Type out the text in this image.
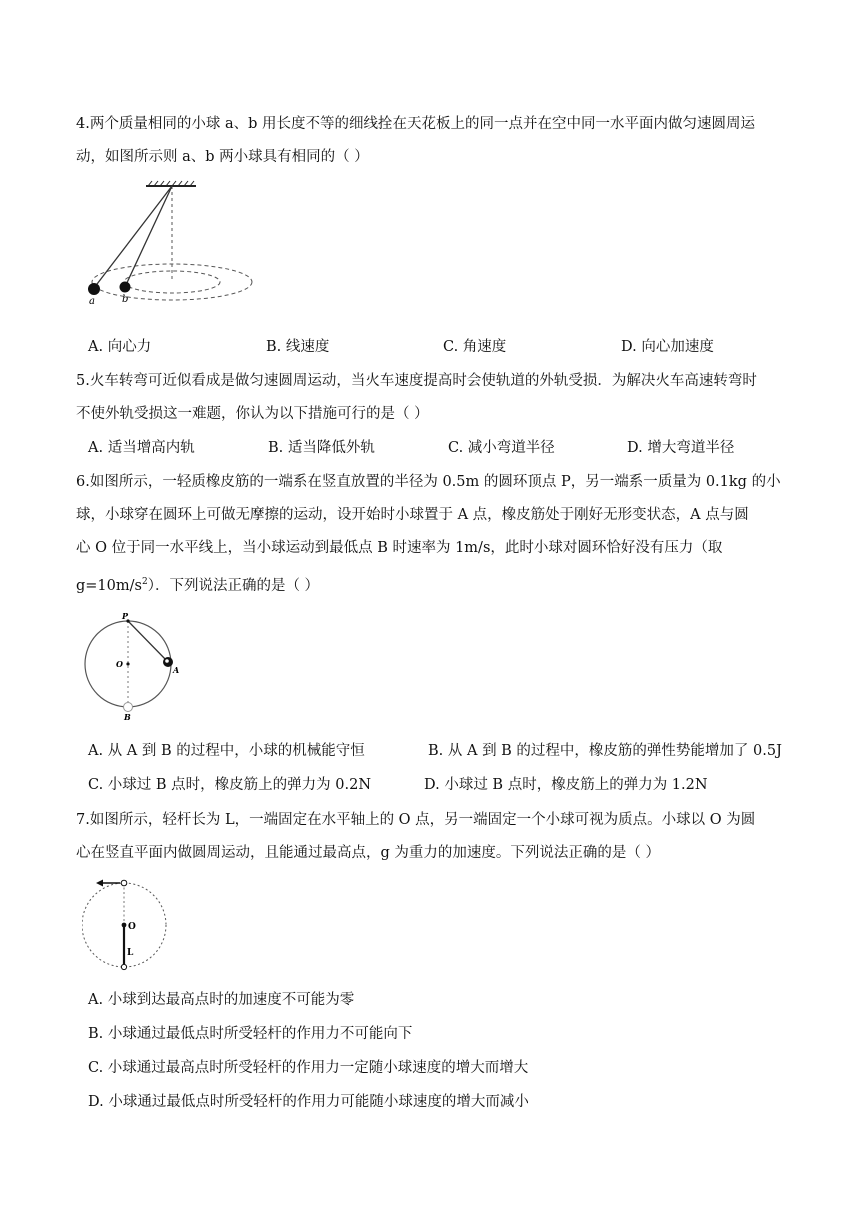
4.两个质量相同的小球 a、b 用长度不等的细线拴在天花板上的同一点并在空中同一水平面内做匀速圆周运
动，如图所示则 a、b 两小球具有相同的（ ）
a	b
A. 向心力	B. 线速度	C. 角速度	D. 向心加速度
5.火车转弯可近似看成是做匀速圆周运动，当火车速度提高时会使轨道的外轨受损．为解决火车高速转弯时
不使外轨受损这一难题，你认为以下措施可行的是（ ）
A. 适当增高内轨	B. 适当降低外轨	C. 减小弯道半径	D. 增大弯道半径
6.如图所示，一轻质橡皮筋的一端系在竖直放置的半径为 0.5m 的圆环顶点 P，另一端系一质量为 0.1kg 的小
球，小球穿在圆环上可做无摩擦的运动，设开始时小球置于 A 点，橡皮筋处于刚好无形变状态，A 点与圆
心 O 位于同一水平线上，当小球运动到最低点 B 时速率为 1m/s，此时小球对圆环恰好没有压力（取
$g=10m/s^2$）．下列说法正确的是（ ）
P
O
A
B
A. 从 A 到 B 的过程中，小球的机械能守恒	B. 从 A 到 B 的过程中，橡皮筋的弹性势能增加了 0.5J
C. 小球过 B 点时，橡皮筋上的弹力为 0.2N	D. 小球过 B 点时，橡皮筋上的弹力为 1.2N
7.如图所示，轻杆长为 L，一端固定在水平轴上的 O 点，另一端固定一个小球可视为质点。小球以 O 为圆
心在竖直平面内做圆周运动，且能通过最高点，g 为重力的加速度。下列说法正确的是（ ）
O
L
A. 小球到达最高点时的加速度不可能为零
B. 小球通过最低点时所受轻杆的作用力不可能向下
C. 小球通过最高点时所受轻杆的作用力一定随小球速度的增大而增大
D. 小球通过最低点时所受轻杆的作用力可能随小球速度的增大而减小
